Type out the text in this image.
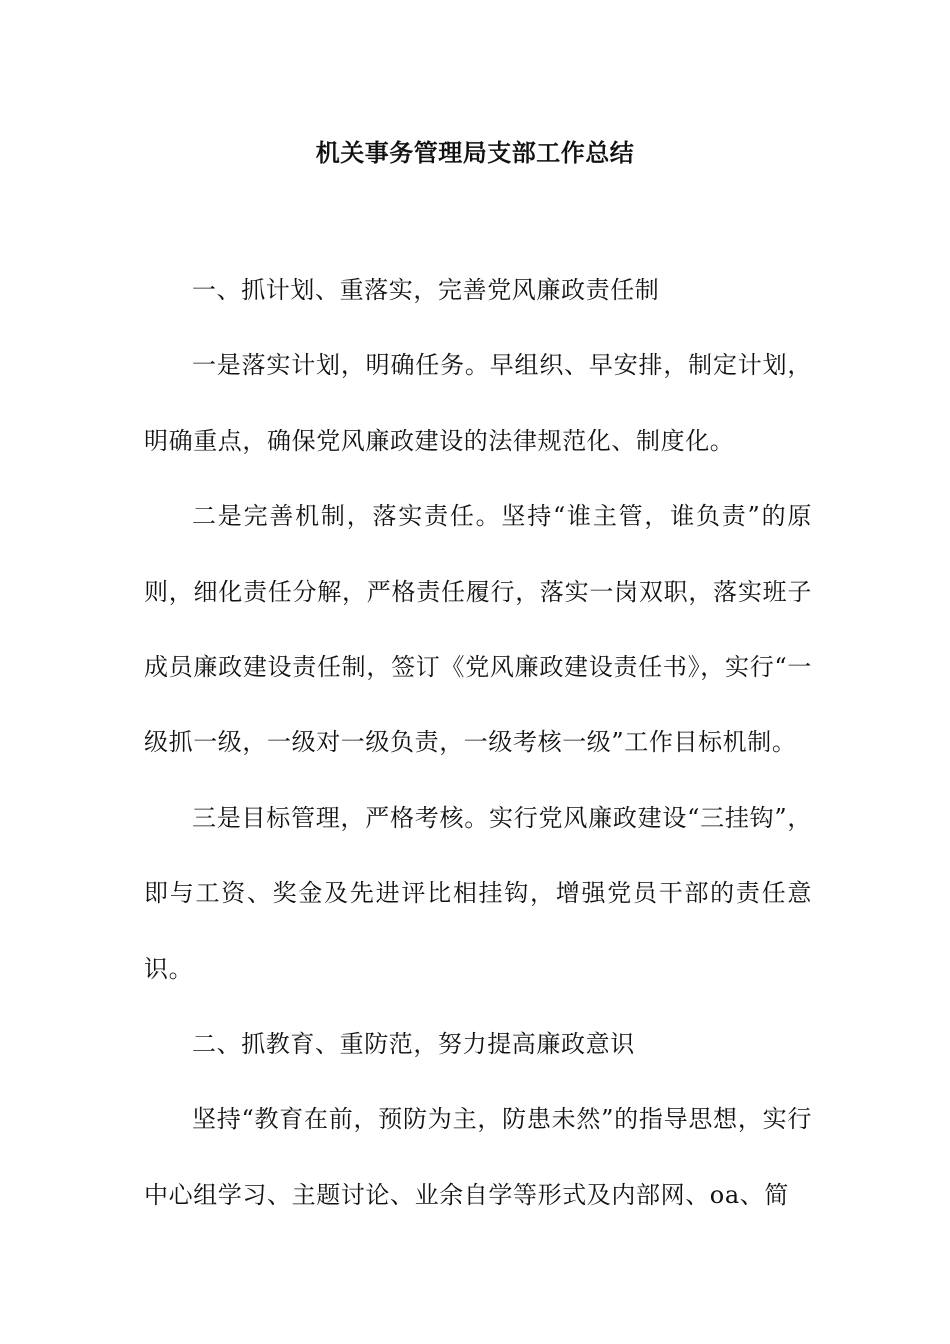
机关事务管理局支部工作总结

一、抓计划、重落实，完善党风廉政责任制

一是落实计划，明确任务。早组织、早安排，制定计划，明确重点，确保党风廉政建设的法律规范化、制度化。

二是完善机制，落实责任。坚持“谁主管，谁负责”的原则，细化责任分解，严格责任履行，落实一岗双职，落实班子成员廉政建设责任制，签订《党风廉政建设责任书》，实行“一级抓一级，一级对一级负责，一级考核一级”工作目标机制。

三是目标管理，严格考核。实行党风廉政建设“三挂钩”，即与工资、奖金及先进评比相挂钩，增强党员干部的责任意识。

二、抓教育、重防范，努力提高廉政意识

坚持“教育在前，预防为主，防患未然”的指导思想，实行中心组学习、主题讨论、业余自学等形式及内部网、oa、简
